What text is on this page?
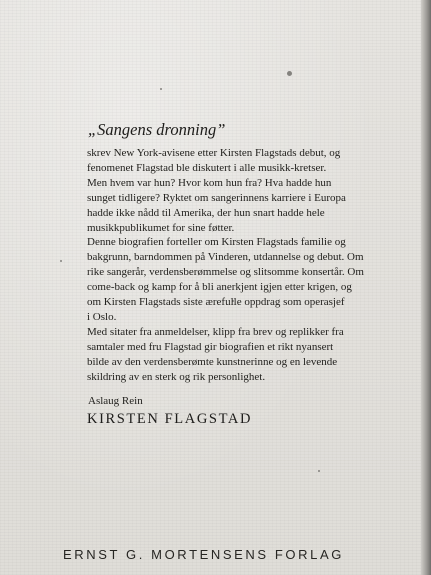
„Sangens dronning”
skrev New York-avisene etter Kirsten Flagstads debut, og
fenomenet Flagstad ble diskutert i alle musikk-kretser.
Men hvem var hun? Hvor kom hun fra? Hva hadde hun
sunget tidligere? Ryktet om sangerinnens karriere i Europa
hadde ikke nådd til Amerika, der hun snart hadde hele
musikkpublikumet for sine føtter.
Denne biografien forteller om Kirsten Flagstads familie og
bakgrunn, barndommen på Vinderen, utdannelse og debut. Om
rike sangerår, verdensberømmelse og slitsomme konsertår. Om
come-back og kamp for å bli anerkjent igjen etter krigen, og
om Kirsten Flagstads siste ærefulle oppdrag som operasjef
i Oslo.
Med sitater fra anmeldelser, klipp fra brev og replikker fra
samtaler med fru Flagstad gir biografien et rikt nyansert
bilde av den verdensberømte kunstnerinne og en levende
skildring av en sterk og rik personlighet.
Aslaug Rein
KIRSTEN FLAGSTAD
ERNST G. MORTENSENS FORLAG
